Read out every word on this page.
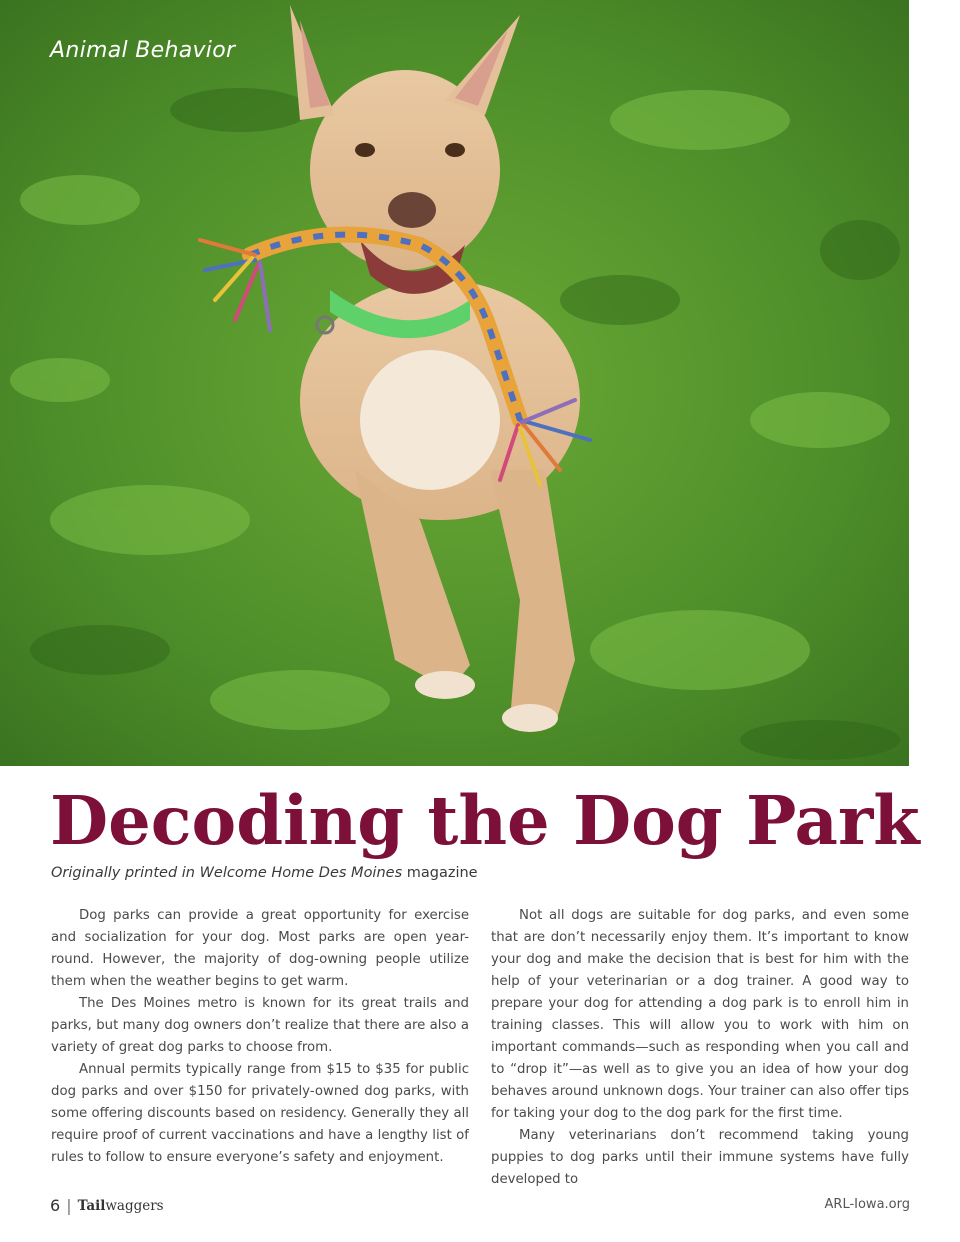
Animal Behavior
Decoding the Dog Park

Originally printed in Welcome Home Des Moines magazine

Dog parks can provide a great opportunity for exercise and socialization for your dog. Most parks are open year-round. However, the majority of dog-owning people utilize them when the weather begins to get warm.

The Des Moines metro is known for its great trails and parks, but many dog owners don’t realize that there are also a variety of great dog parks to choose from.

Annual permits typically range from $15 to $35 for public dog parks and over $150 for privately-owned dog parks, with some offering discounts based on residency. Generally they all require proof of current vaccinations and have a lengthy list of rules to follow to ensure everyone’s safety and enjoyment.

Not all dogs are suitable for dog parks, and even some that are don’t necessarily enjoy them. It’s important to know your dog and make the decision that is best for him with the help of your veterinarian or a dog trainer. A good way to prepare your dog for attending a dog park is to enroll him in training classes. This will allow you to work with him on important commands—such as responding when you call and to “drop it”—as well as to give you an idea of how your dog behaves around unknown dogs. Your trainer can also offer tips for taking your dog to the dog park for the first time.

Many veterinarians don’t recommend taking young puppies to dog parks until their immune systems have fully developed to

6 | Tailwaggers	ARL-Iowa.org
